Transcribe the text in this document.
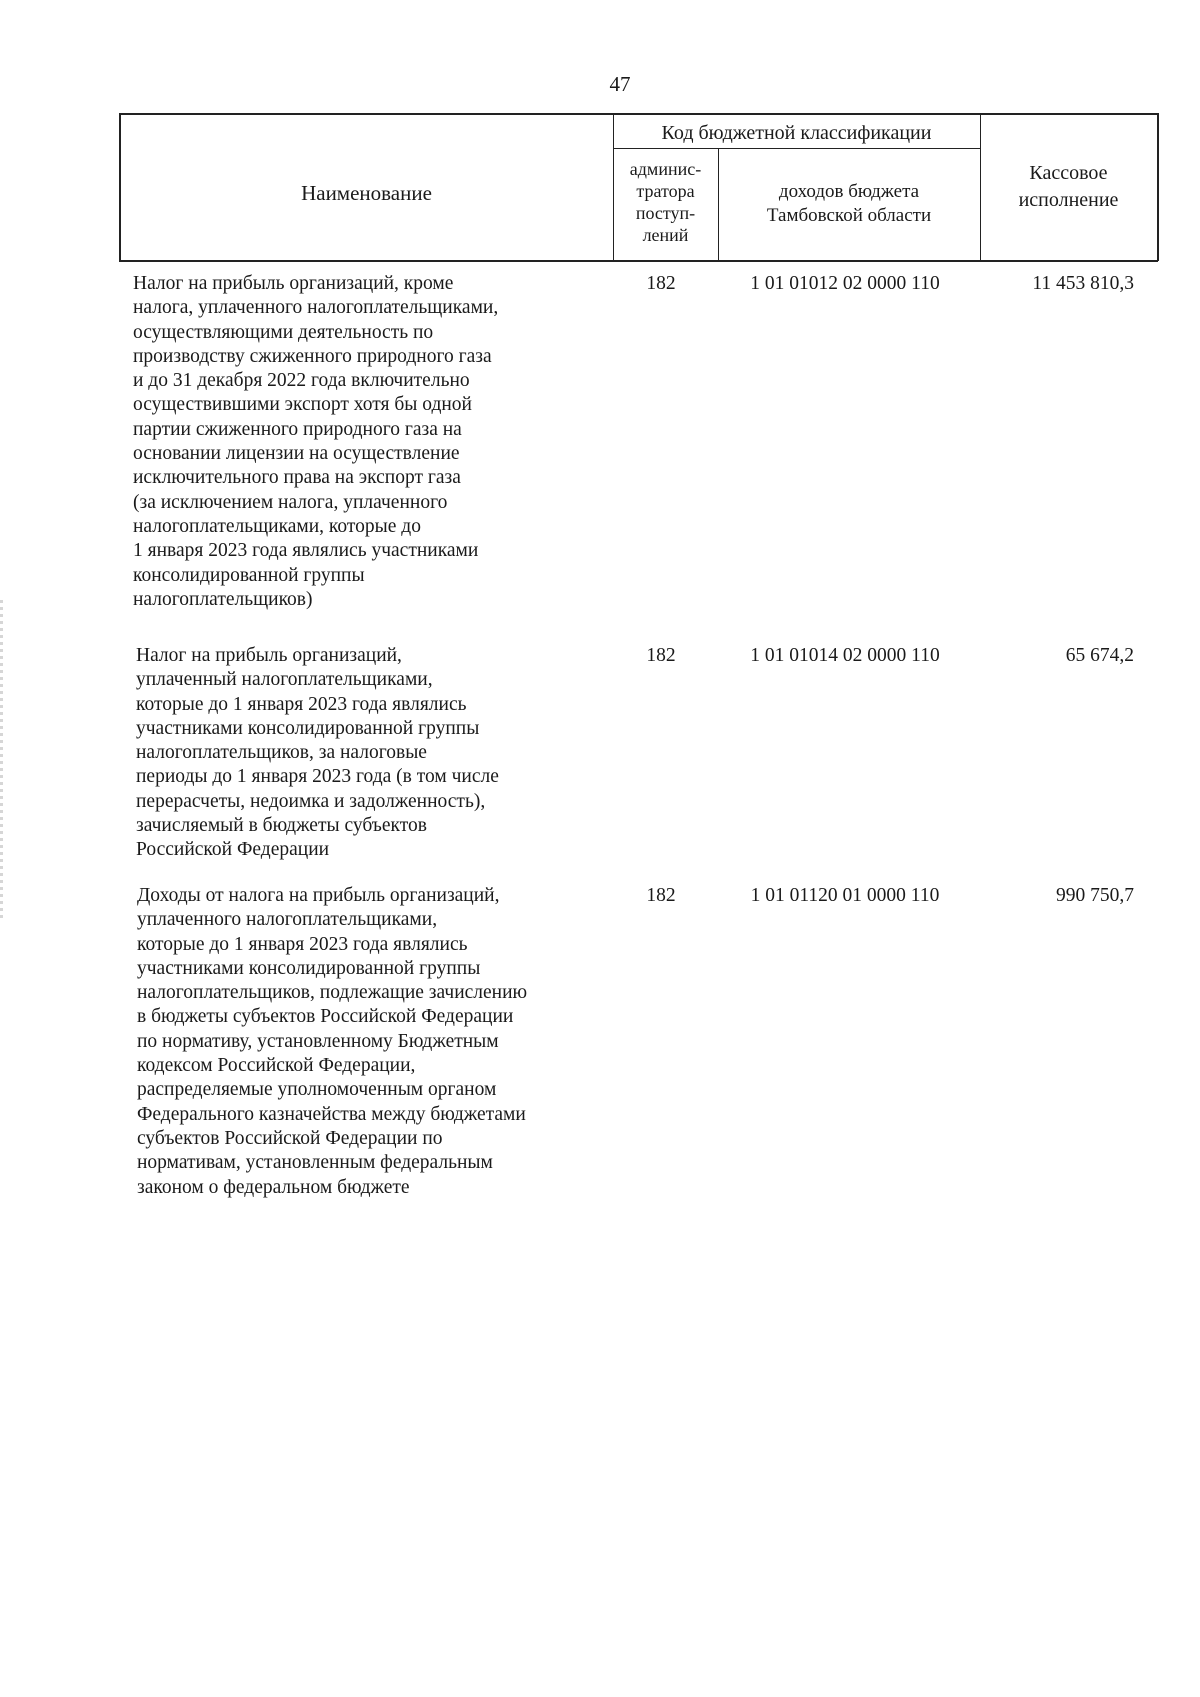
47
Наименование
Код бюджетной классификации
админис-
тратора
поступ-
лений
доходов бюджета
Тамбовской области
Кассовое
исполнение
Налог на прибыль организаций, кроме
налога, уплаченного налогоплательщиками,
осуществляющими деятельность по
производству сжиженного природного газа
и до 31 декабря 2022 года включительно
осуществившими экспорт хотя бы одной
партии сжиженного природного газа на
основании лицензии на осуществление
исключительного права на экспорт газа
(за исключением налога, уплаченного
налогоплательщиками, которые до
1 января 2023 года являлись участниками
консолидированной группы
налогоплательщиков)
182	1 01 01012 02 0000 110	11 453 810,3
Налог на прибыль организаций,
уплаченный налогоплательщиками,
которые до 1 января 2023 года являлись
участниками консолидированной группы
налогоплательщиков, за налоговые
периоды до 1 января 2023 года (в том числе
перерасчеты, недоимка и задолженность),
зачисляемый в бюджеты субъектов
Российской Федерации
182	1 01 01014 02 0000 110	65 674,2
Доходы от налога на прибыль организаций,
уплаченного налогоплательщиками,
которые до 1 января 2023 года являлись
участниками консолидированной группы
налогоплательщиков, подлежащие зачислению
в бюджеты субъектов Российской Федерации
по нормативу, установленному Бюджетным
кодексом Российской Федерации,
распределяемые уполномоченным органом
Федерального казначейства между бюджетами
субъектов Российской Федерации по
нормативам, установленным федеральным
законом о федеральном бюджете
182	1 01 01120 01 0000 110	990 750,7
